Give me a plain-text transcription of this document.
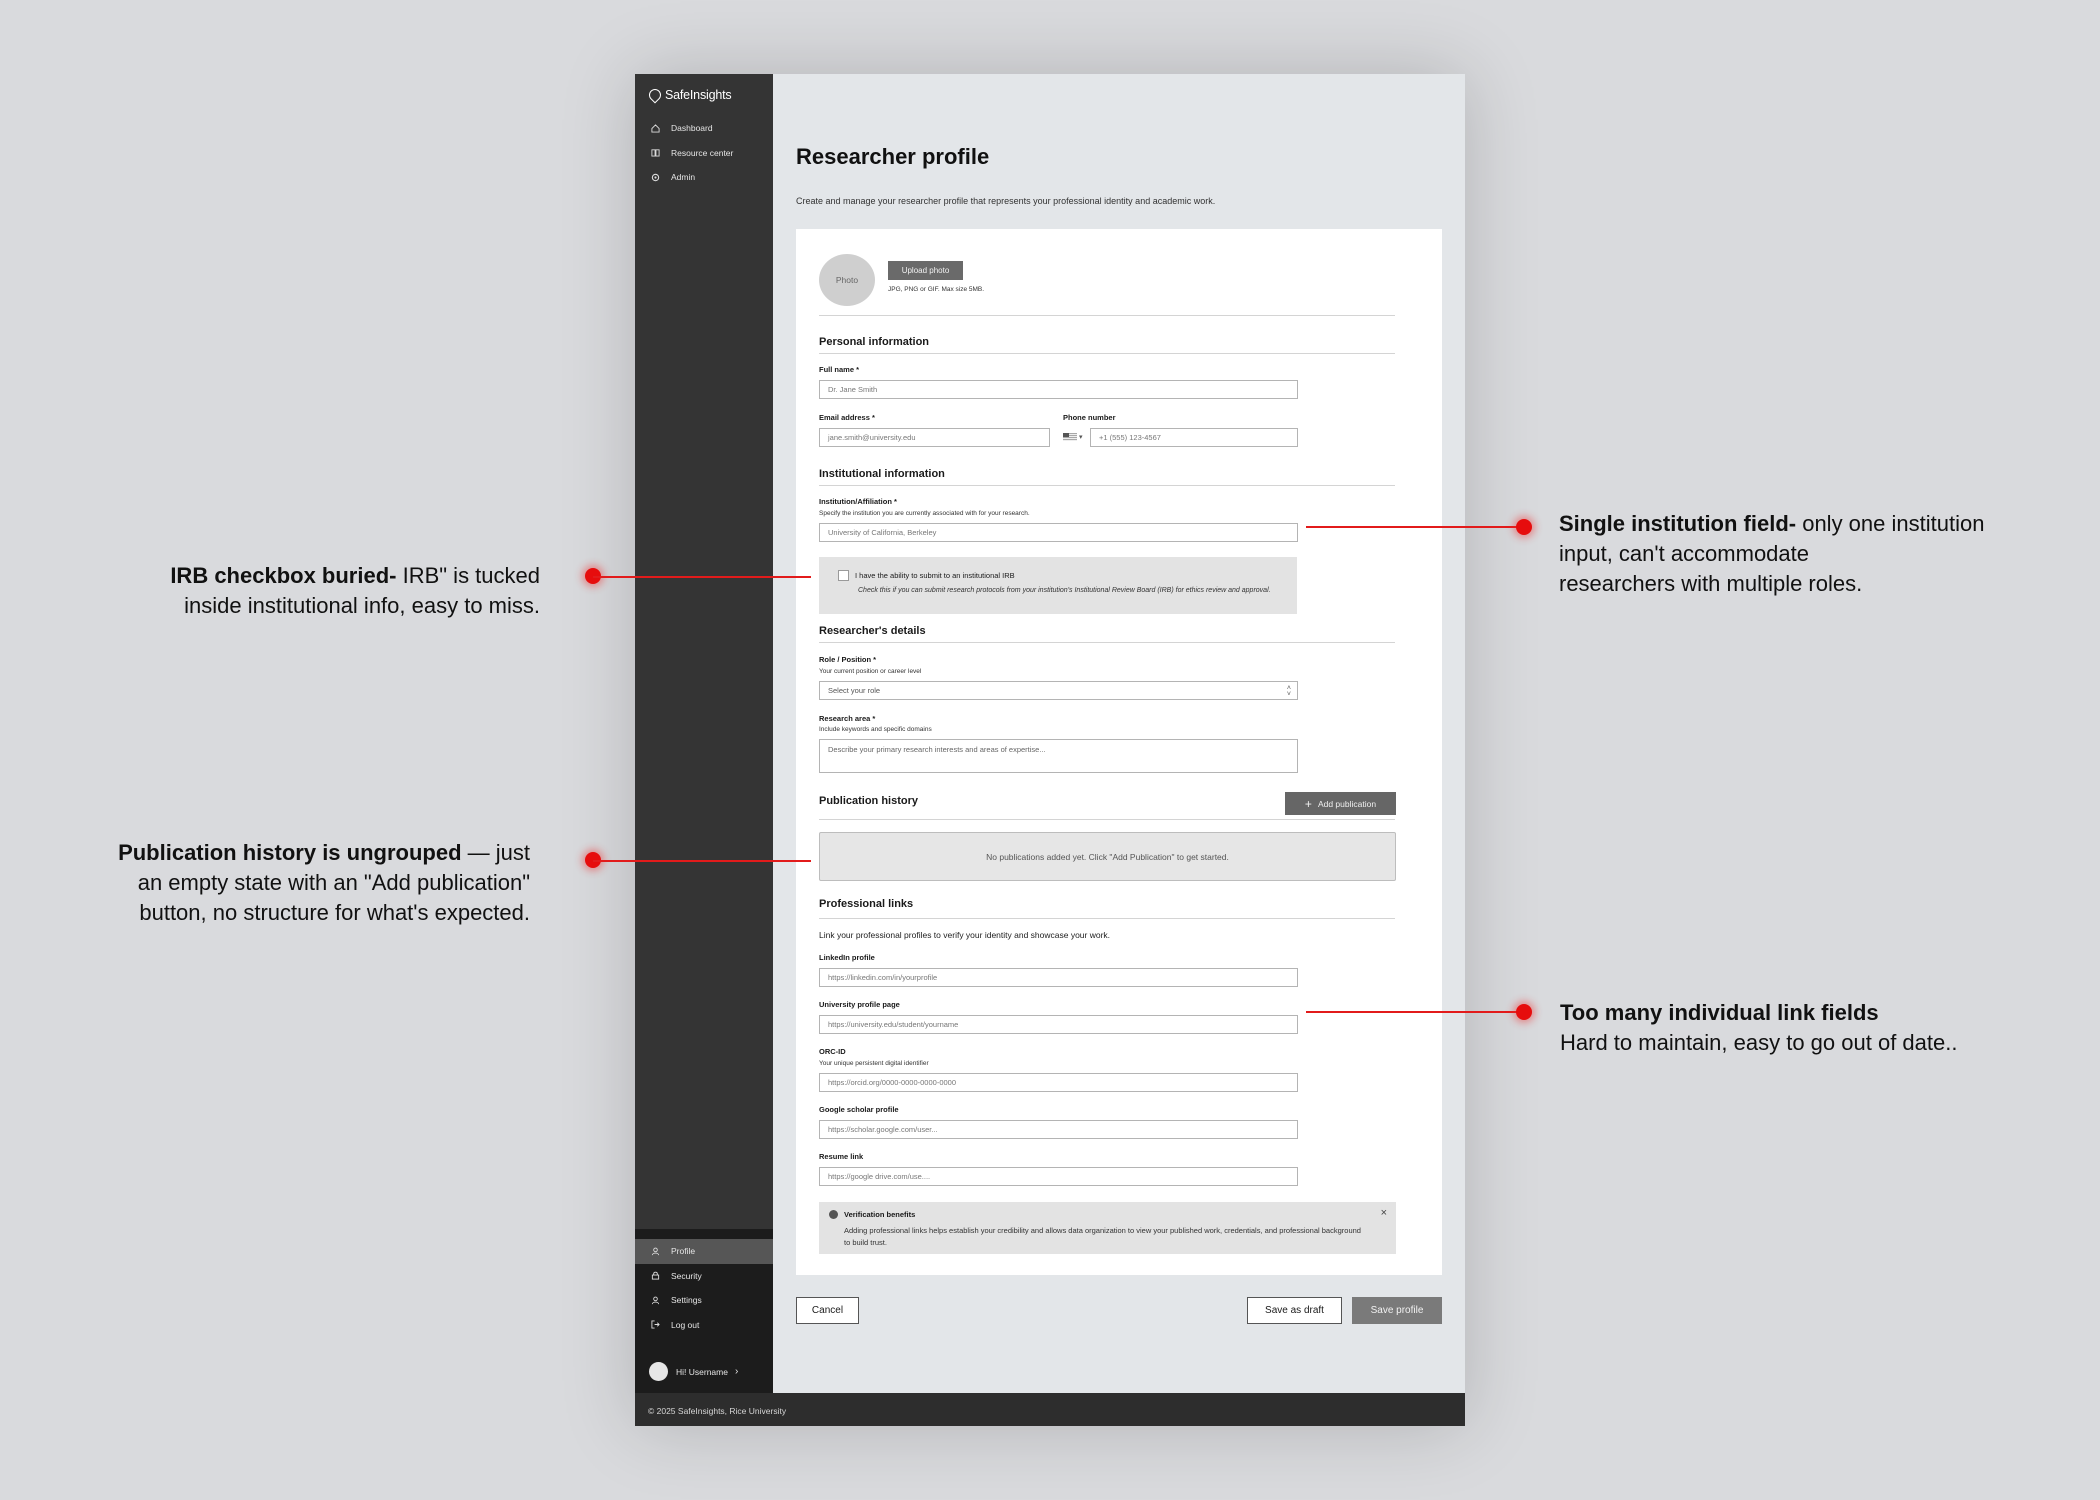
SafeInsights
Dashboard
Resource center
Admin
Profile
Security
Settings
Log out
Hi! Username ›
Researcher profile
Create and manage your researcher profile that represents your professional identity and academic work.
Photo
Upload photo
JPG, PNG or GIF. Max size 5MB.
Personal information
Full name *
Dr. Jane Smith
Email address *
jane.smith@university.edu
Phone number
▾	+1 (555) 123-4567
Institutional information
Institution/Affiliation *
Specify the institution you are currently associated with for your research.
University of California, Berkeley
I have the ability to submit to an institutional IRB
Check this if you can submit research protocols from your institution's Institutional Review Board (IRB) for ethics review and approval.
Researcher's details
Role / Position *
Your current position or career level
Select your role	˄
˅
Research area *
Include keywords and specific domains
Describe your primary research interests and areas of expertise...
Publication history	+ Add publication
No publications added yet. Click "Add Publication" to get started.
Professional links
Link your professional profiles to verify your identity and showcase your work.
LinkedIn profile
https://linkedin.com/in/yourprofile
University profile page
https://university.edu/student/yourname
ORC-ID
Your unique persistent digital identifier
https://orcid.org/0000-0000-0000-0000
Google scholar profile
https://scholar.google.com/user...
Resume link
https://google drive.com/use....
Verification benefits
Adding professional links helps establish your credibility and allows data organization to view your published work, credentials, and professional background to build trust.
×
Cancel	Save as draft	Save profile
© 2025 SafeInsights, Rice University
IRB checkbox buried- IRB" is tucked
inside institutional info, easy to miss.
Publication history is ungrouped — just
an empty state with an "Add publication"
button, no structure for what's expected.
Single institution field- only one institution
input, can't accommodate
researchers with multiple roles.
Too many individual link fields
Hard to maintain, easy to go out of date..
